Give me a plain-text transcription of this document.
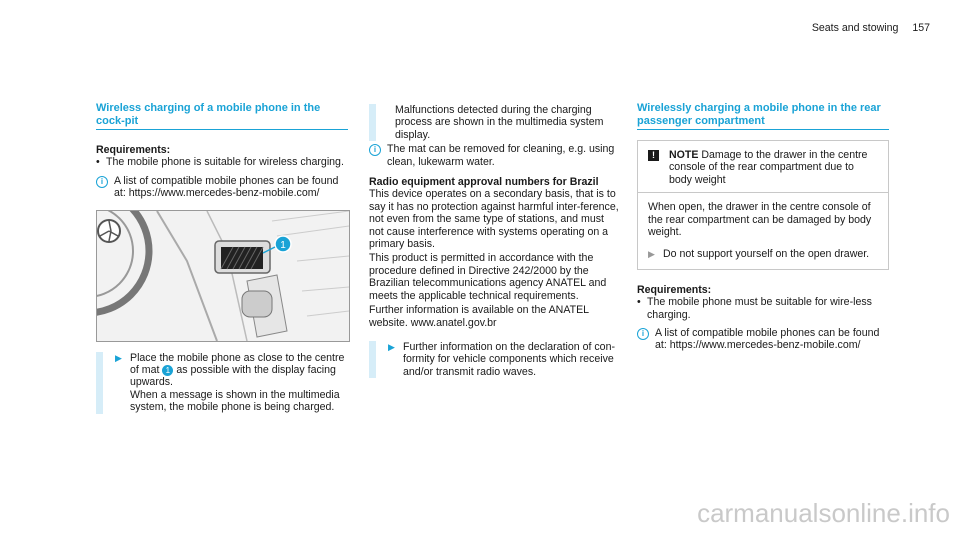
Seats and stowing 157
Wireless charging of a mobile phone in the cock-pit
Requirements:
• The mobile phone is suitable for wireless charging.
i	A list of compatible mobile phones can be found at: https://www.mercedes-benz-mobile.com/
1
▶ Place the mobile phone as close to the centre of mat 1 as possible with the display facing upwards.
When a message is shown in the multimedia system, the mobile phone is being charged.
Malfunctions detected during the charging process are shown in the multimedia system display.
i	The mat can be removed for cleaning, e.g. using clean, lukewarm water.
Radio equipment approval numbers for Brazil
This device operates on a secondary basis, that is to say it has no protection against harmful inter-ference, not even from the same type of stations, and must not cause interference with systems operating on a primary basis.
This product is permitted in accordance with the procedure defined in Directive 242/2000 by the Brazilian telecommunications agency ANATEL and meets the applicable technical requirements.
Further information is available on the ANATEL website. www.anatel.gov.br
▶ Further information on the declaration of con-formity for vehicle components which receive and/or transmit radio waves.
Wirelessly charging a mobile phone in the rear passenger compartment
!	NOTE Damage to the drawer in the centre console of the rear compartment due to body weight
When open, the drawer in the centre console of the rear compartment can be damaged by body weight.
▶ Do not support yourself on the open drawer.
Requirements:
• The mobile phone must be suitable for wire-less charging.
i	A list of compatible mobile phones can be found at: https://www.mercedes-benz-mobile.com/
carmanualsonline.info
